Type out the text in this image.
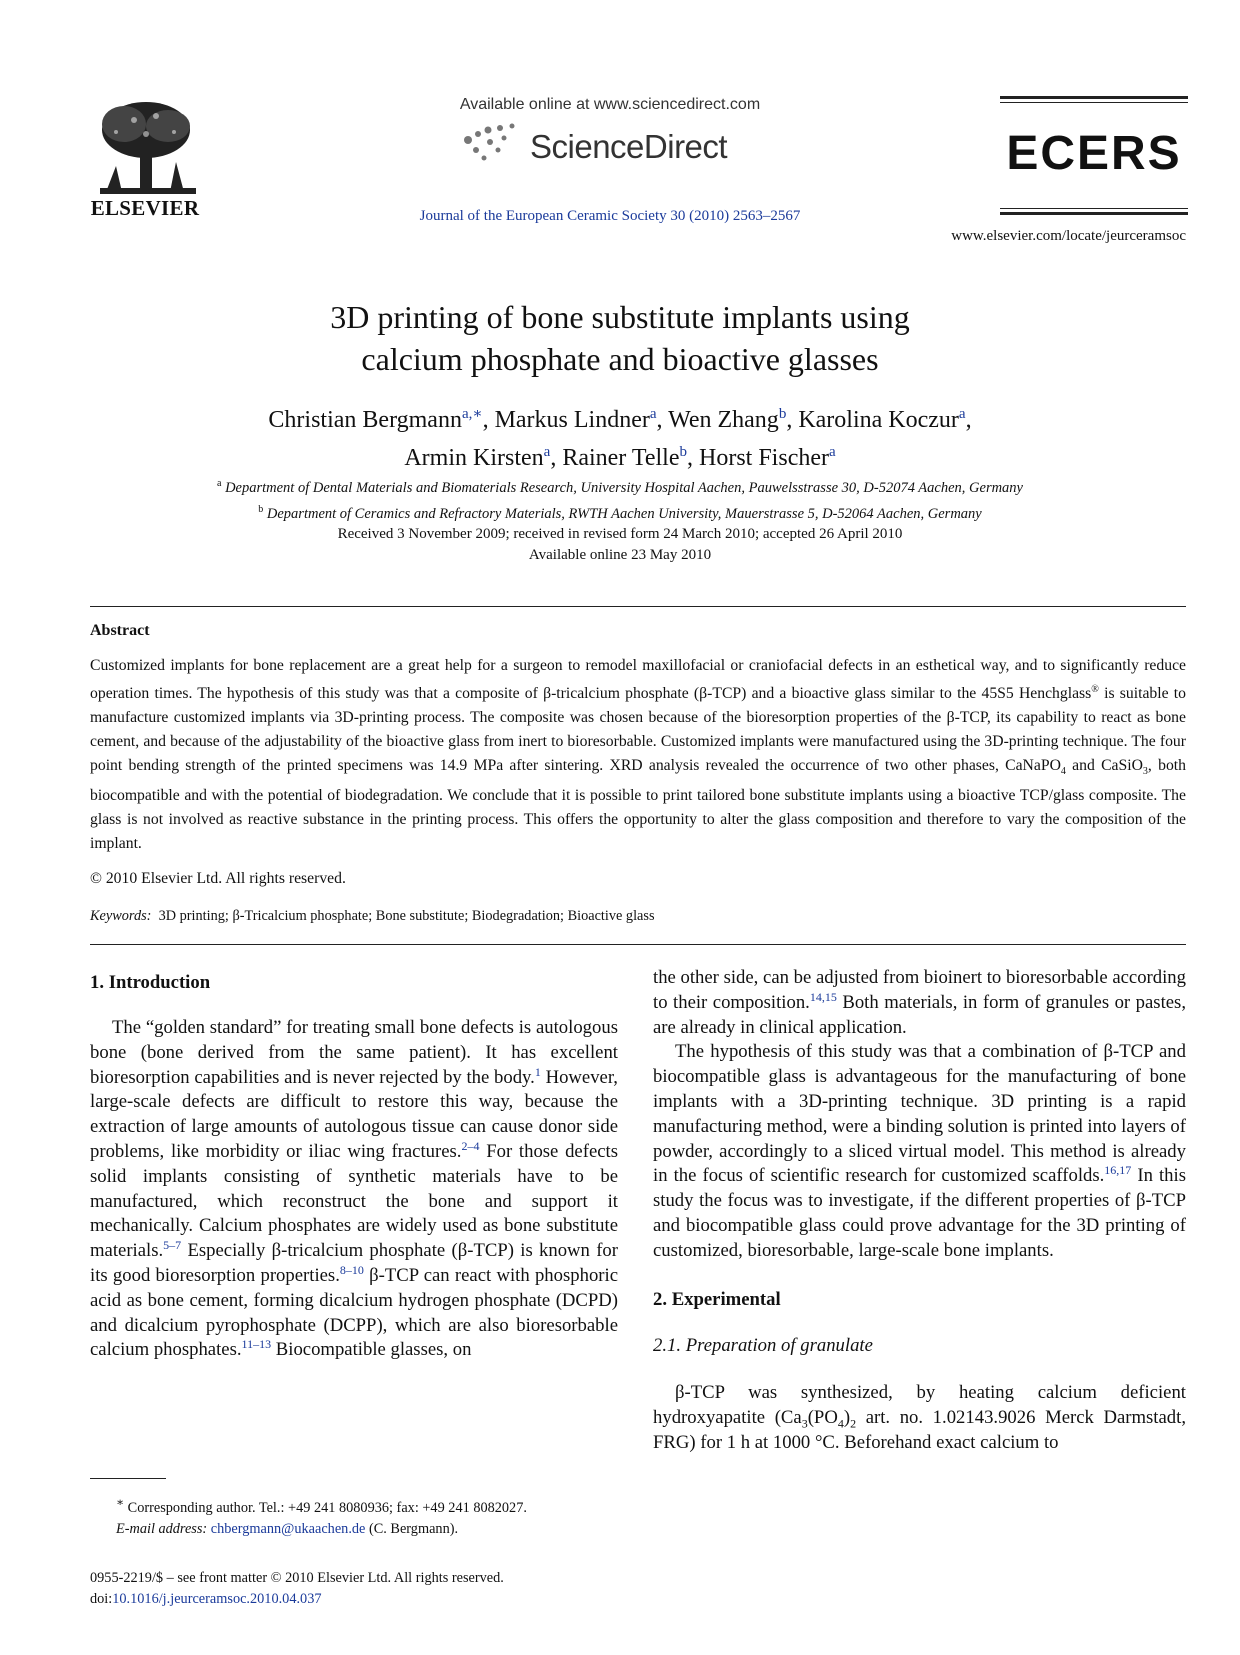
ELSEVIER
Available online at www.sciencedirect.com
ScienceDirect
Journal of the European Ceramic Society 30 (2010) 2563–2567
ECERS
www.elsevier.com/locate/jeurceramsoc
3D printing of bone substitute implants using
calcium phosphate and bioactive glasses
Christian Bergmann$^{a,∗}$, Markus Lindner$^a$, Wen Zhang$^b$, Karolina Koczur$^a$,
Armin Kirsten$^a$, Rainer Telle$^b$, Horst Fischer$^a$
$^a$ Department of Dental Materials and Biomaterials Research, University Hospital Aachen, Pauwelsstrasse 30, D-52074 Aachen, Germany
$^b$ Department of Ceramics and Refractory Materials, RWTH Aachen University, Mauerstrasse 5, D-52064 Aachen, Germany
Received 3 November 2009; received in revised form 24 March 2010; accepted 26 April 2010
Available online 23 May 2010
Abstract
Customized implants for bone replacement are a great help for a surgeon to remodel maxillofacial or craniofacial defects in an esthetical way, and to significantly reduce operation times. The hypothesis of this study was that a composite of β-tricalcium phosphate (β-TCP) and a bioactive glass similar to the 45S5 Henchglass® is suitable to manufacture customized implants via 3D-printing process. The composite was chosen because of the bioresorption properties of the β-TCP, its capability to react as bone cement, and because of the adjustability of the bioactive glass from inert to bioresorbable. Customized implants were manufactured using the 3D-printing technique. The four point bending strength of the printed specimens was 14.9 MPa after sintering. XRD analysis revealed the occurrence of two other phases, CaNaPO$_4$ and CaSiO$_3$, both biocompatible and with the potential of biodegradation. We conclude that it is possible to print tailored bone substitute implants using a bioactive TCP/glass composite. The glass is not involved as reactive substance in the printing process. This offers the opportunity to alter the glass composition and therefore to vary the composition of the implant.
© 2010 Elsevier Ltd. All rights reserved.
Keywords: 3D printing; β-Tricalcium phosphate; Bone substitute; Biodegradation; Bioactive glass
1. Introduction

The “golden standard” for treating small bone defects is autologous bone (bone derived from the same patient). It has excellent bioresorption capabilities and is never rejected by the body.$^1$ However, large-scale defects are difficult to restore this way, because the extraction of large amounts of autologous tissue can cause donor side problems, like morbidity or iliac wing fractures.$^{2-4}$ For those defects solid implants consisting of synthetic materials have to be manufactured, which reconstruct the bone and support it mechanically. Calcium phosphates are widely used as bone substitute materials.$^{5-7}$ Especially β-tricalcium phosphate (β-TCP) is known for its good bioresorption properties.$^{8-10}$ β-TCP can react with phosphoric acid as bone cement, forming dicalcium hydrogen phosphate (DCPD) and dicalcium pyrophosphate (DCPP), which are also bioresorbable calcium phosphates.$^{11-13}$ Biocompatible glasses, on

the other side, can be adjusted from bioinert to bioresorbable according to their composition.$^{14,15}$ Both materials, in form of granules or pastes, are already in clinical application.

The hypothesis of this study was that a combination of β-TCP and biocompatible glass is advantageous for the manufacturing of bone implants with a 3D-printing technique. 3D printing is a rapid manufacturing method, were a binding solution is printed into layers of powder, accordingly to a sliced virtual model. This method is already in the focus of scientific research for customized scaffolds.$^{16,17}$ In this study the focus was to investigate, if the different properties of β-TCP and biocompatible glass could prove advantage for the 3D printing of customized, bioresorbable, large-scale bone implants.

2. Experimental
2.1. Preparation of granulate

β-TCP was synthesized, by heating calcium deficient hydroxyapatite ($Ca_3(PO_4)_2$ art. no. 1.02143.9026 Merck Darmstadt, FRG) for 1 h at 1000 °C. Beforehand exact calcium to

∗ Corresponding author. Tel.: +49 241 8080936; fax: +49 241 8082027.
E-mail address: chbergmann@ukaachen.de (C. Bergmann).
0955-2219/$ – see front matter © 2010 Elsevier Ltd. All rights reserved.
doi:10.1016/j.jeurceramsoc.2010.04.037
